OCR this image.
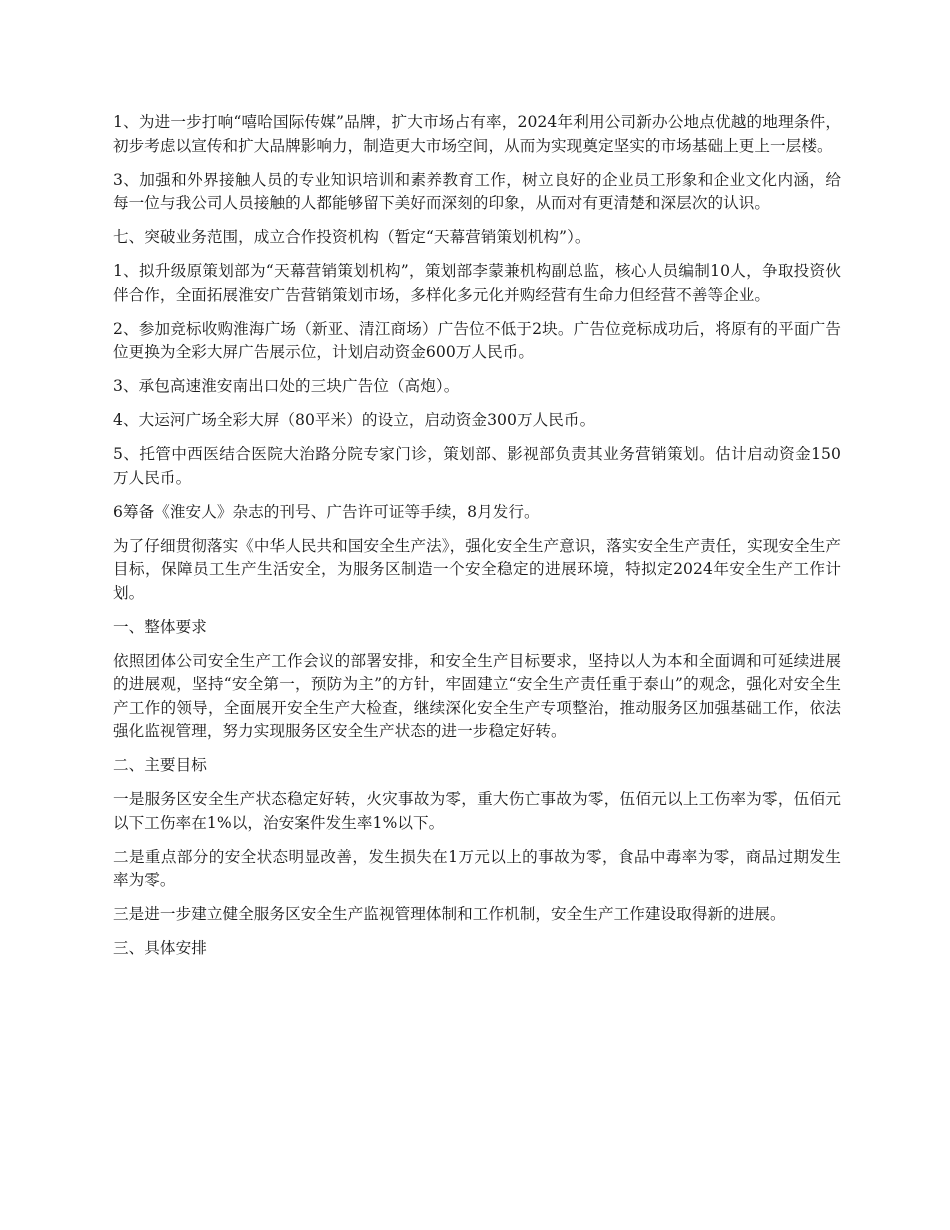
1、为进一步打响“嘻哈国际传媒”品牌，扩大市场占有率，2024年利用公司新办公地点优越的地理条件，初步考虑以宣传和扩大品牌影响力，制造更大市场空间，从而为实现奠定坚实的市场基础上更上一层楼。

3、加强和外界接触人员的专业知识培训和素养教育工作，树立良好的企业员工形象和企业文化内涵，给每一位与我公司人员接触的人都能够留下美好而深刻的印象，从而对有更清楚和深层次的认识。

七、突破业务范围，成立合作投资机构（暂定“天幕营销策划机构”）。

1、拟升级原策划部为“天幕营销策划机构”，策划部李蒙兼机构副总监，核心人员编制10人，争取投资伙伴合作，全面拓展淮安广告营销策划市场，多样化多元化并购经营有生命力但经营不善等企业。

2、参加竞标收购淮海广场（新亚、清江商场）广告位不低于2块。广告位竞标成功后，将原有的平面广告位更换为全彩大屏广告展示位，计划启动资金600万人民币。

3、承包高速淮安南出口处的三块广告位（高炮）。

4、大运河广场全彩大屏（80平米）的设立，启动资金300万人民币。

5、托管中西医结合医院大治路分院专家门诊，策划部、影视部负责其业务营销策划。估计启动资金150万人民币。

6筹备《淮安人》杂志的刊号、广告许可证等手续，8月发行。

为了仔细贯彻落实《中华人民共和国安全生产法》，强化安全生产意识，落实安全生产责任，实现安全生产目标，保障员工生产生活安全，为服务区制造一个安全稳定的进展环境，特拟定2024年安全生产工作计划。

一、整体要求

依照团体公司安全生产工作会议的部署安排，和安全生产目标要求，坚持以人为本和全面调和可延续进展的进展观，坚持“安全第一，预防为主”的方针，牢固建立“安全生产责任重于泰山”的观念，强化对安全生产工作的领导，全面展开安全生产大检查，继续深化安全生产专项整治，推动服务区加强基础工作，依法强化监视管理，努力实现服务区安全生产状态的进一步稳定好转。

二、主要目标

一是服务区安全生产状态稳定好转，火灾事故为零，重大伤亡事故为零，伍佰元以上工伤率为零，伍佰元以下工伤率在1%以，治安案件发生率1%以下。

二是重点部分的安全状态明显改善，发生损失在1万元以上的事故为零，食品中毒率为零，商品过期发生率为零。

三是进一步建立健全服务区安全生产监视管理体制和工作机制，安全生产工作建设取得新的进展。

三、具体安排
